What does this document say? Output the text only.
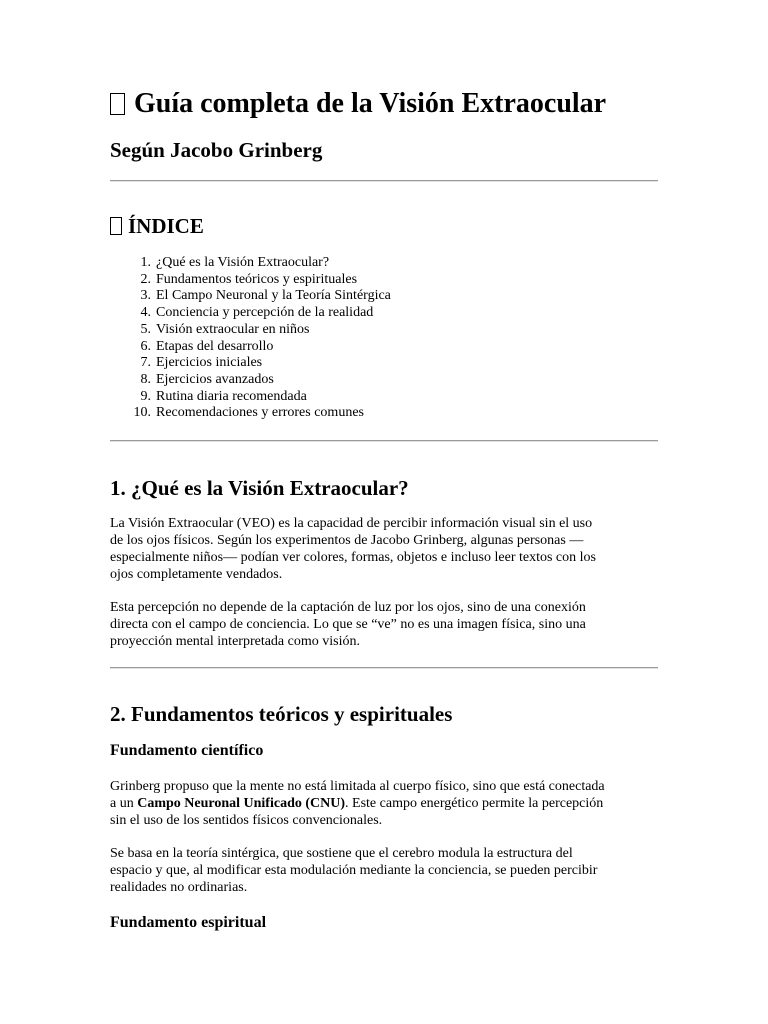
Guía completa de la Visión Extraocular
Según Jacobo Grinberg
ÍNDICE
1. ¿Qué es la Visión Extraocular?
2. Fundamentos teóricos y espirituales
3. El Campo Neuronal y la Teoría Sintérgica
4. Conciencia y percepción de la realidad
5. Visión extraocular en niños
6. Etapas del desarrollo
7. Ejercicios iniciales
8. Ejercicios avanzados
9. Rutina diaria recomendada
10. Recomendaciones y errores comunes
1. ¿Qué es la Visión Extraocular?

La Visión Extraocular (VEO) es la capacidad de percibir información visual sin el uso
de los ojos físicos. Según los experimentos de Jacobo Grinberg, algunas personas —
especialmente niños— podían ver colores, formas, objetos e incluso leer textos con los
ojos completamente vendados.

Esta percepción no depende de la captación de luz por los ojos, sino de una conexión
directa con el campo de conciencia. Lo que se “ve” no es una imagen física, sino una
proyección mental interpretada como visión.

2. Fundamentos teóricos y espirituales
Fundamento científico

Grinberg propuso que la mente no está limitada al cuerpo físico, sino que está conectada
a un Campo Neuronal Unificado (CNU). Este campo energético permite la percepción
sin el uso de los sentidos físicos convencionales.

Se basa en la teoría sintérgica, que sostiene que el cerebro modula la estructura del
espacio y que, al modificar esta modulación mediante la conciencia, se pueden percibir
realidades no ordinarias.

Fundamento espiritual
